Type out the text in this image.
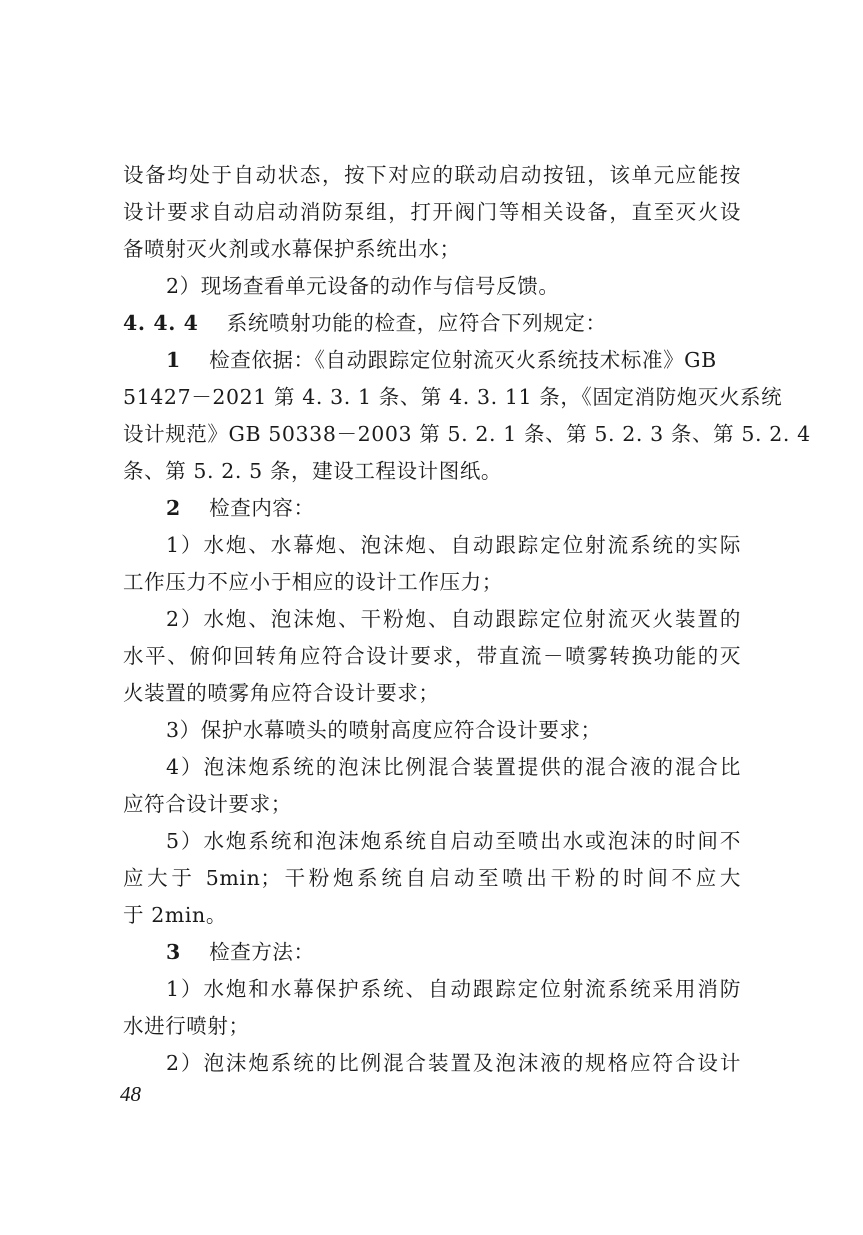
设备均处于自动状态，按下对应的联动启动按钮，该单元应能按
设计要求自动启动消防泵组，打开阀门等相关设备，直至灭火设
备喷射灭火剂或水幕保护系统出水；
2）现场查看单元设备的动作与信号反馈。
4. 4. 4 系统喷射功能的检查，应符合下列规定：
1 检查依据：《自动跟踪定位射流灭火系统技术标准》GB
51427－2021 第 4. 3. 1 条、第 4. 3. 11 条，《固定消防炮灭火系统
设计规范》GB 50338－2003 第 5. 2. 1 条、第 5. 2. 3 条、第 5. 2. 4
条、第 5. 2. 5 条，建设工程设计图纸。
2 检查内容：
1）水炮、水幕炮、泡沫炮、自动跟踪定位射流系统的实际
工作压力不应小于相应的设计工作压力；
2）水炮、泡沫炮、干粉炮、自动跟踪定位射流灭火装置的
水平、俯仰回转角应符合设计要求，带直流－喷雾转换功能的灭
火装置的喷雾角应符合设计要求；
3）保护水幕喷头的喷射高度应符合设计要求；
4）泡沫炮系统的泡沫比例混合装置提供的混合液的混合比
应符合设计要求；
5）水炮系统和泡沫炮系统自启动至喷出水或泡沫的时间不
应大于 5min；干粉炮系统自启动至喷出干粉的时间不应大
于 2min。
3 检查方法：
1）水炮和水幕保护系统、自动跟踪定位射流系统采用消防
水进行喷射；
2）泡沫炮系统的比例混合装置及泡沫液的规格应符合设计
48
